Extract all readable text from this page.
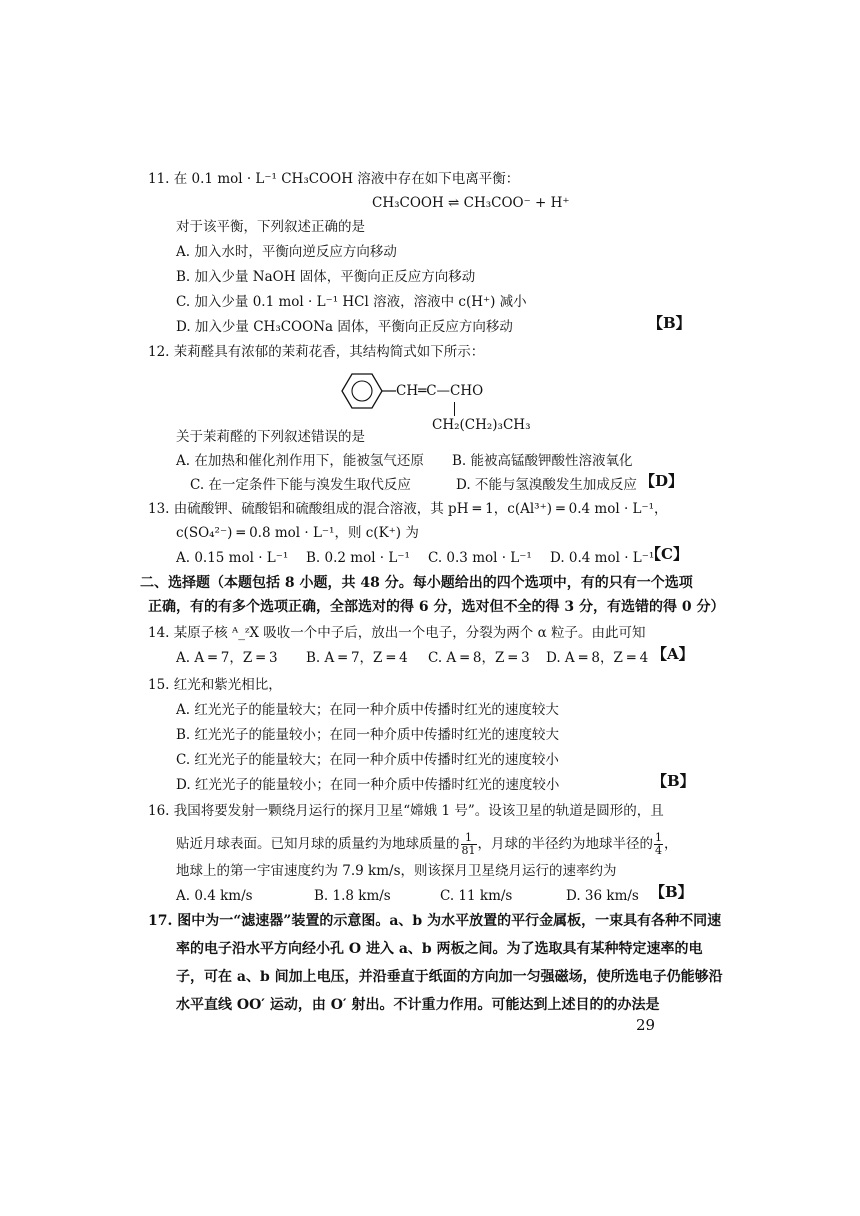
11. 在 0.1 mol · L⁻¹ CH₃COOH 溶液中存在如下电离平衡：
CH₃COOH ⇌ CH₃COO⁻ + H⁺
对于该平衡，下列叙述正确的是
A. 加入水时，平衡向逆反应方向移动
B. 加入少量 NaOH 固体，平衡向正反应方向移动
C. 加入少量 0.1 mol · L⁻¹ HCl 溶液，溶液中 c(H⁺) 减小
D. 加入少量 CH₃COONa 固体，平衡向正反应方向移动	【B】
12. 茉莉醛具有浓郁的茉莉花香，其结构简式如下所示：
CH═C—CHO
CH₂(CH₂)₃CH₃
关于茉莉醛的下列叙述错误的是
A. 在加热和催化剂作用下，能被氢气还原 B. 能被高锰酸钾酸性溶液氧化
C. 在一定条件下能与溴发生取代反应	D. 不能与氢溴酸发生加成反应 【D】
13. 由硫酸钾、硫酸铝和硫酸组成的混合溶液，其 pH ═ 1，c(Al³⁺) ═ 0.4 mol · L⁻¹，
c(SO₄²⁻) ═ 0.8 mol · L⁻¹，则 c(K⁺) 为
A. 0.15 mol · L⁻¹ B. 0.2 mol · L⁻¹ C. 0.3 mol · L⁻¹ D. 0.4 mol · L⁻¹
【C】
二、选择题（本题包括 8 小题，共 48 分。每小题给出的四个选项中，有的只有一个选项
正确，有的有多个选项正确，全部选对的得 6 分，选对但不全的得 3 分，有选错的得 0 分）
14. 某原子核 ᴬ_ᶻX 吸收一个中子后，放出一个电子，分裂为两个 α 粒子。由此可知
A. A ═ 7，Z ═ 3 B. A ═ 7，Z ═ 4 C. A ═ 8，Z ═ 3 D. A ═ 8，Z ═ 4 【A】
15. 红光和紫光相比，
A. 红光光子的能量较大；在同一种介质中传播时红光的速度较大
B. 红光光子的能量较小；在同一种介质中传播时红光的速度较大
C. 红光光子的能量较大；在同一种介质中传播时红光的速度较小
D. 红光光子的能量较小；在同一种介质中传播时红光的速度较小	【B】
16. 我国将要发射一颗绕月运行的探月卫星“嫦娥 1 号”。设该卫星的轨道是圆形的，且
贴近月球表面。已知月球的质量约为地球质量的 $\frac{1}{81}$ ，月球的半径约为地球半径的 $\frac{1}{4}$ ，
地球上的第一宇宙速度约为 7.9 km/s，则该探月卫星绕月运行的速率约为
A. 0.4 km/s	B. 1.8 km/s	C. 11 km/s	D. 36 km/s 【B】
17. 图中为一“滤速器”装置的示意图。a、b 为水平放置的平行金属板，一束具有各种不同速
率的电子沿水平方向经小孔 O 进入 a、b 两板之间。为了选取具有某种特定速率的电
子，可在 a、b 间加上电压，并沿垂直于纸面的方向加一匀强磁场，使所选电子仍能够沿
水平直线 OO′ 运动，由 O′ 射出。不计重力作用。可能达到上述目的的办法是
29
